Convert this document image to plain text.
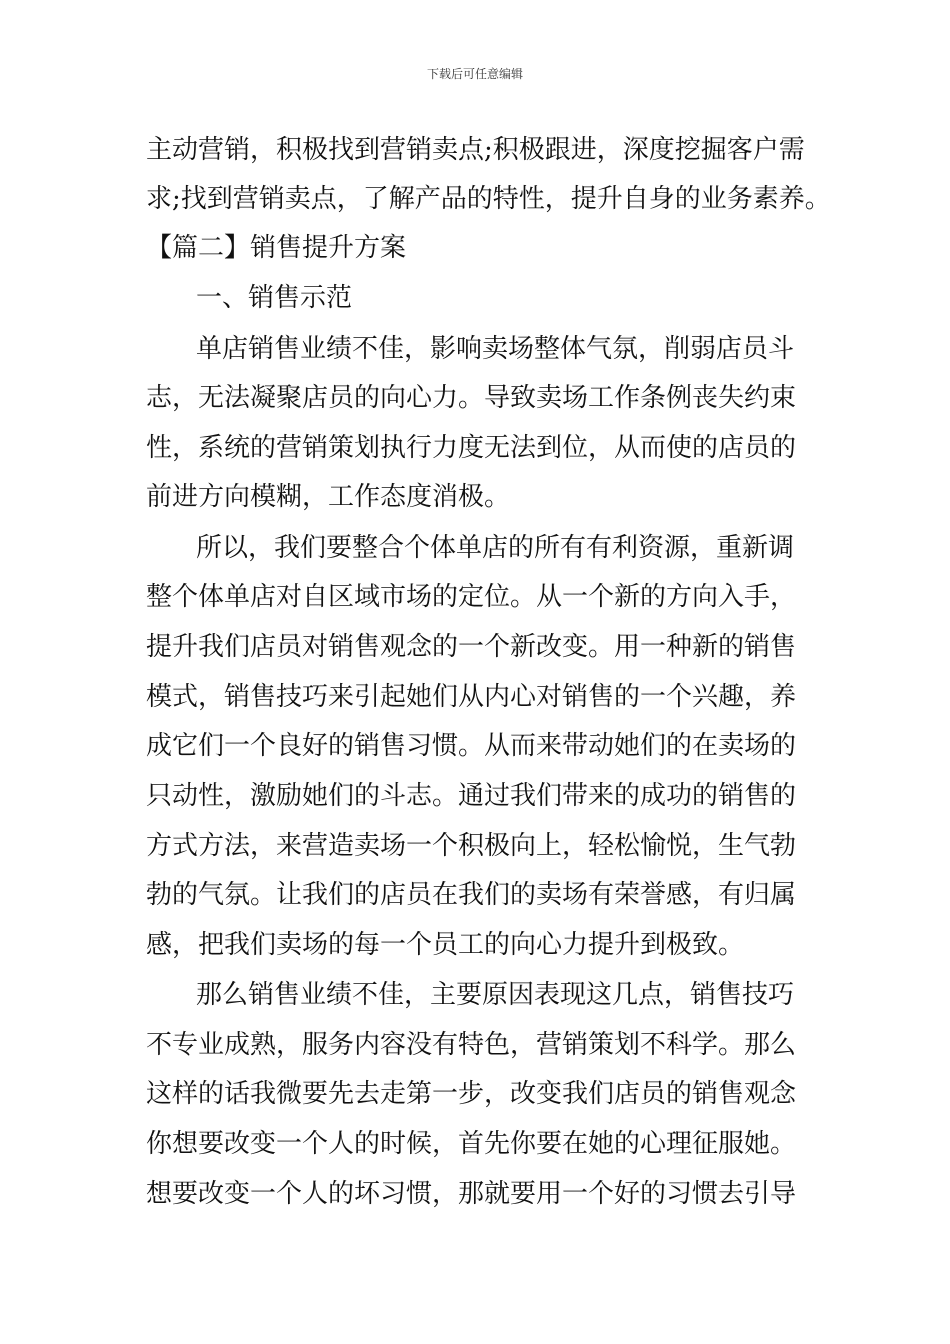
下载后可任意编辑
主动营销，积极找到营销卖点;积极跟进，深度挖掘客户需
求;找到营销卖点，了解产品的特性，提升自身的业务素养。
【篇二】销售提升方案
一、销售示范
单店销售业绩不佳，影响卖场整体气氛，削弱店员斗
志，无法凝聚店员的向心力。导致卖场工作条例丧失约束
性，系统的营销策划执行力度无法到位，从而使的店员的
前进方向模糊，工作态度消极。
所以，我们要整合个体单店的所有有利资源，重新调
整个体单店对自区域市场的定位。从一个新的方向入手，
提升我们店员对销售观念的一个新改变。用一种新的销售
模式，销售技巧来引起她们从内心对销售的一个兴趣，养
成它们一个良好的销售习惯。从而来带动她们的在卖场的
只动性，激励她们的斗志。通过我们带来的成功的销售的
方式方法，来营造卖场一个积极向上，轻松愉悦，生气勃
勃的气氛。让我们的店员在我们的卖场有荣誉感，有归属
感，把我们卖场的每一个员工的向心力提升到极致。
那么销售业绩不佳，主要原因表现这几点，销售技巧
不专业成熟，服务内容没有特色，营销策划不科学。那么
这样的话我微要先去走第一步，改变我们店员的销售观念
你想要改变一个人的时候，首先你要在她的心理征服她。
想要改变一个人的坏习惯，那就要用一个好的习惯去引导
